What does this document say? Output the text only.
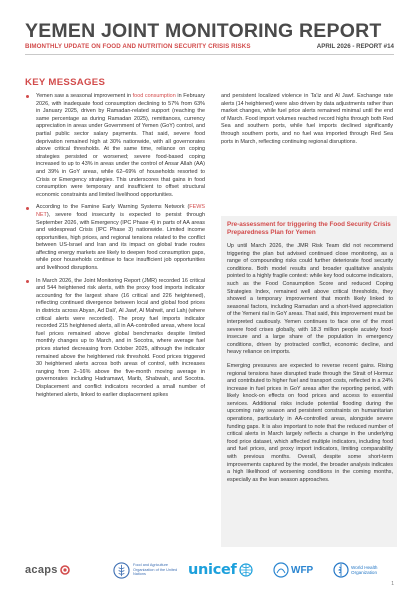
YEMEN JOINT MONITORING REPORT
BIMONTHLY UPDATE ON FOOD AND NUTRITION SECURITY CRISIS RISKS	APRIL 2026 - REPORT #14
KEY MESSAGES
Yemen saw a seasonal improvement in food consumption in February 2026, with inadequate food consumption declining to 57% from 63% in January 2025, driven by Ramadan-related support (reaching the same percentage as during Ramadan 2025), remittances, currency appreciation in areas under Government of Yemen (GoY) control, and partial public sector salary payments. That said, severe food deprivation remained high at 30% nationwide, with all governorates above critical thresholds. At the same time, reliance on coping strategies persisted or worsened; severe food-based coping increased to up to 43% in areas under the control of Ansar Allah (AA) and 39% in GoY areas, while 62–69% of households resorted to Crisis or Emergency strategies. This underscores that gains in food consumption were temporary and insufficient to offset structural economic constraints and limited livelihood opportunities.
According to the Famine Early Warning Systems Network (FEWS NET), severe food insecurity is expected to persist through September 2026, with Emergency (IPC Phase 4) in parts of AA areas and widespread Crisis (IPC Phase 3) nationwide. Limited income opportunities, high prices, and regional tensions related to the conflict between US-Israel and Iran and its impact on global trade routes affecting energy markets are likely to deepen food consumption gaps, while poor households continue to face insufficient job opportunities and livelihood disruptions.
In March 2026, the Joint Monitoring Report (JMR) recorded 16 critical and 544 heightened risk alerts, with the proxy food imports indicator accounting for the largest share (16 critical and 226 heightened), reflecting continued divergence between local and global food prices in districts across Abyan, Ad Dali', Al Jawf, Al Mahwit, and Lahj (where critical alerts were recorded). The proxy fuel imports indicator recorded 215 heightened alerts, all in AA-controlled areas, where local fuel prices remained above global benchmarks despite limited monthly changes up to March, and in Socotra, where average fuel prices started decreasing from October 2025, although the indicator remained above the heightened risk threshold. Food prices triggered 30 heightened alerts across both areas of control, with increases ranging from 2–16% above the five-month moving average in governorates including Hadramawt, Marib, Shabwah, and Socotra. Displacement and conflict indicators recorded a small number of heightened alerts, linked to earlier displacement spikes
and persistent localized violence in Ta'iz and Al Jawf. Exchange rate alerts (14 heightened) were also driven by data adjustments rather than market changes, while fuel price alerts remained minimal until the end of March. Food import volumes reached record highs through both Red Sea and southern ports, while fuel imports declined significantly through southern ports, and no fuel was imported through Red Sea ports in March, reflecting continuing regional disruptions.
Pre-assessment for triggering the Food Security Crisis Preparedness Plan for Yemen

Up until March 2026, the JMR Risk Team did not recommend triggering the plan but advised continued close monitoring, as a range of compounding risks could further deteriorate food security conditions. Both model results and broader qualitative analysis pointed to a highly fragile context: while key food outcome indicators, such as the Food Consumption Score and reduced Coping Strategies Index, remained well above critical thresholds, they showed a temporary improvement that month likely linked to seasonal factors, including Ramadan and a short-lived appreciation of the Yemeni rial in GoY areas. That said, this improvement must be interpreted cautiously. Yemen continues to face one of the most severe food crises globally, with 18.3 million people acutely food-insecure and a large share of the population in emergency conditions, driven by protracted conflict, economic decline, and heavy reliance on imports.

Emerging pressures are expected to reverse recent gains. Rising regional tensions have disrupted trade through the Strait of Hormuz and contributed to higher fuel and transport costs, reflected in a 24% increase in fuel prices in GoY areas after the reporting period, with likely knock-on effects on food prices and access to essential services. Additional risks include potential flooding during the upcoming rainy season and persistent constraints on humanitarian operations, particularly in AA-controlled areas, alongside severe funding gaps. It is also important to note that the reduced number of critical alerts in March largely reflects a change in the underlying food price dataset, which affected multiple indicators, including food and fuel prices, and proxy import indicators, limiting comparability with previous months. Overall, despite some short-term improvements captured by the model, the broader analysis indicates a high likelihood of worsening conditions in the coming months, especially as the lean season approaches.

acaps	Food and Agriculture Organization of the United Nations	unicef	WFP	World Health Organization
1
